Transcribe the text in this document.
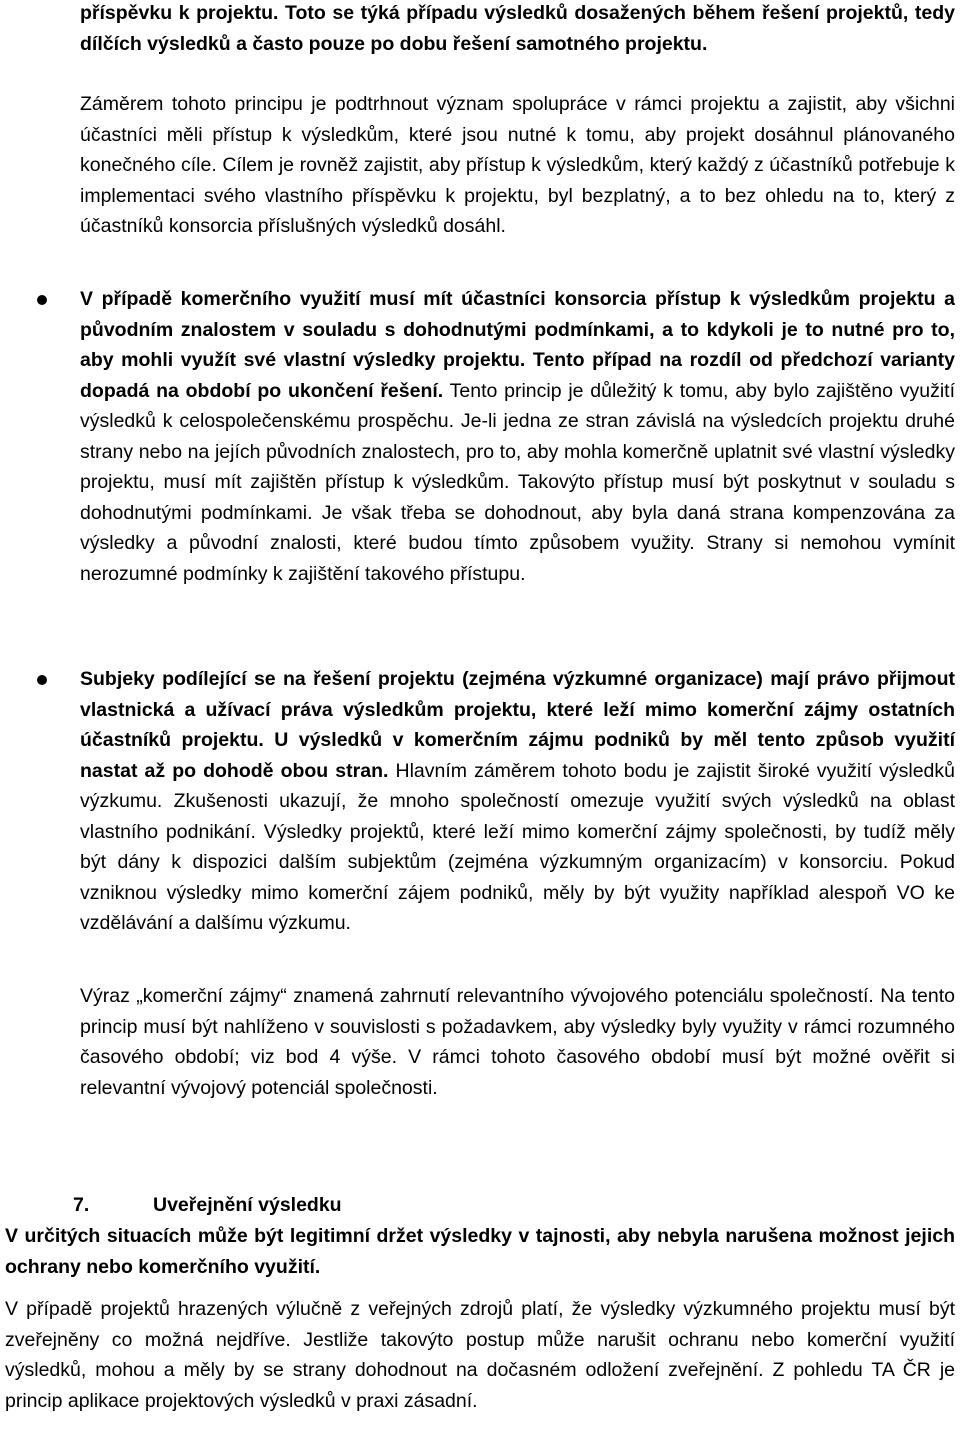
příspěvku k projektu. Toto se týká případu výsledků dosažených během řešení projektů, tedy dílčích výsledků a často pouze po dobu řešení samotného projektu.

Záměrem tohoto principu je podtrhnout význam spolupráce v rámci projektu a zajistit, aby všichni účastníci měli přístup k výsledkům, které jsou nutné k tomu, aby projekt dosáhnul plánovaného konečného cíle. Cílem je rovněž zajistit, aby přístup k výsledkům, který každý z účastníků potřebuje k implementaci svého vlastního příspěvku k projektu, byl bezplatný, a to bez ohledu na to, který z účastníků konsorcia příslušných výsledků dosáhl.

V případě komerčního využití musí mít účastníci konsorcia přístup k výsledkům projektu a původním znalostem v souladu s dohodnutými podmínkami, a to kdykoli je to nutné pro to, aby mohli využít své vlastní výsledky projektu. Tento případ na rozdíl od předchozí varianty dopadá na období po ukončení řešení. Tento princip je důležitý k tomu, aby bylo zajištěno využití výsledků k celospolečenskému prospěchu. Je-li jedna ze stran závislá na výsledcích projektu druhé strany nebo na jejích původních znalostech, pro to, aby mohla komerčně uplatnit své vlastní výsledky projektu, musí mít zajištěn přístup k výsledkům. Takovýto přístup musí být poskytnut v souladu s dohodnutými podmínkami. Je však třeba se dohodnout, aby byla daná strana kompenzována za výsledky a původní znalosti, které budou tímto způsobem využity. Strany si nemohou vymínit nerozumné podmínky k zajištění takového přístupu.

Subjeky podílející se na řešení projektu (zejména výzkumné organizace) mají právo přijmout vlastnická a užívací práva výsledkům projektu, které leží mimo komerční zájmy ostatních účastníků projektu. U výsledků v komerčním zájmu podniků by měl tento způsob využití nastat až po dohodě obou stran. Hlavním záměrem tohoto bodu je zajistit široké využití výsledků výzkumu. Zkušenosti ukazují, že mnoho společností omezuje využití svých výsledků na oblast vlastního podnikání. Výsledky projektů, které leží mimo komerční zájmy společnosti, by tudíž měly být dány k dispozici dalším subjektům (zejména výzkumným organizacím) v konsorciu. Pokud vzniknou výsledky mimo komerční zájem podniků, měly by být využity například alespoň VO ke vzdělávání a dalšímu výzkumu.

Výraz „komerční zájmy“ znamená zahrnutí relevantního vývojového potenciálu společností. Na tento princip musí být nahlíženo v souvislosti s požadavkem, aby výsledky byly využity v rámci rozumného časového období; viz bod 4 výše. V rámci tohoto časového období musí být možné ověřit si relevantní vývojový potenciál společnosti.

7.	Uveřejnění výsledku

V určitých situacích může být legitimní držet výsledky v tajnosti, aby nebyla narušena možnost jejich ochrany nebo komerčního využití.

V případě projektů hrazených výlučně z veřejných zdrojů platí, že výsledky výzkumného projektu musí být zveřejněny co možná nejdříve. Jestliže takovýto postup může narušit ochranu nebo komerční využití výsledků, mohou a měly by se strany dohodnout na dočasném odložení zveřejnění. Z pohledu TA ČR je princip aplikace projektových výsledků v praxi zásadní.
